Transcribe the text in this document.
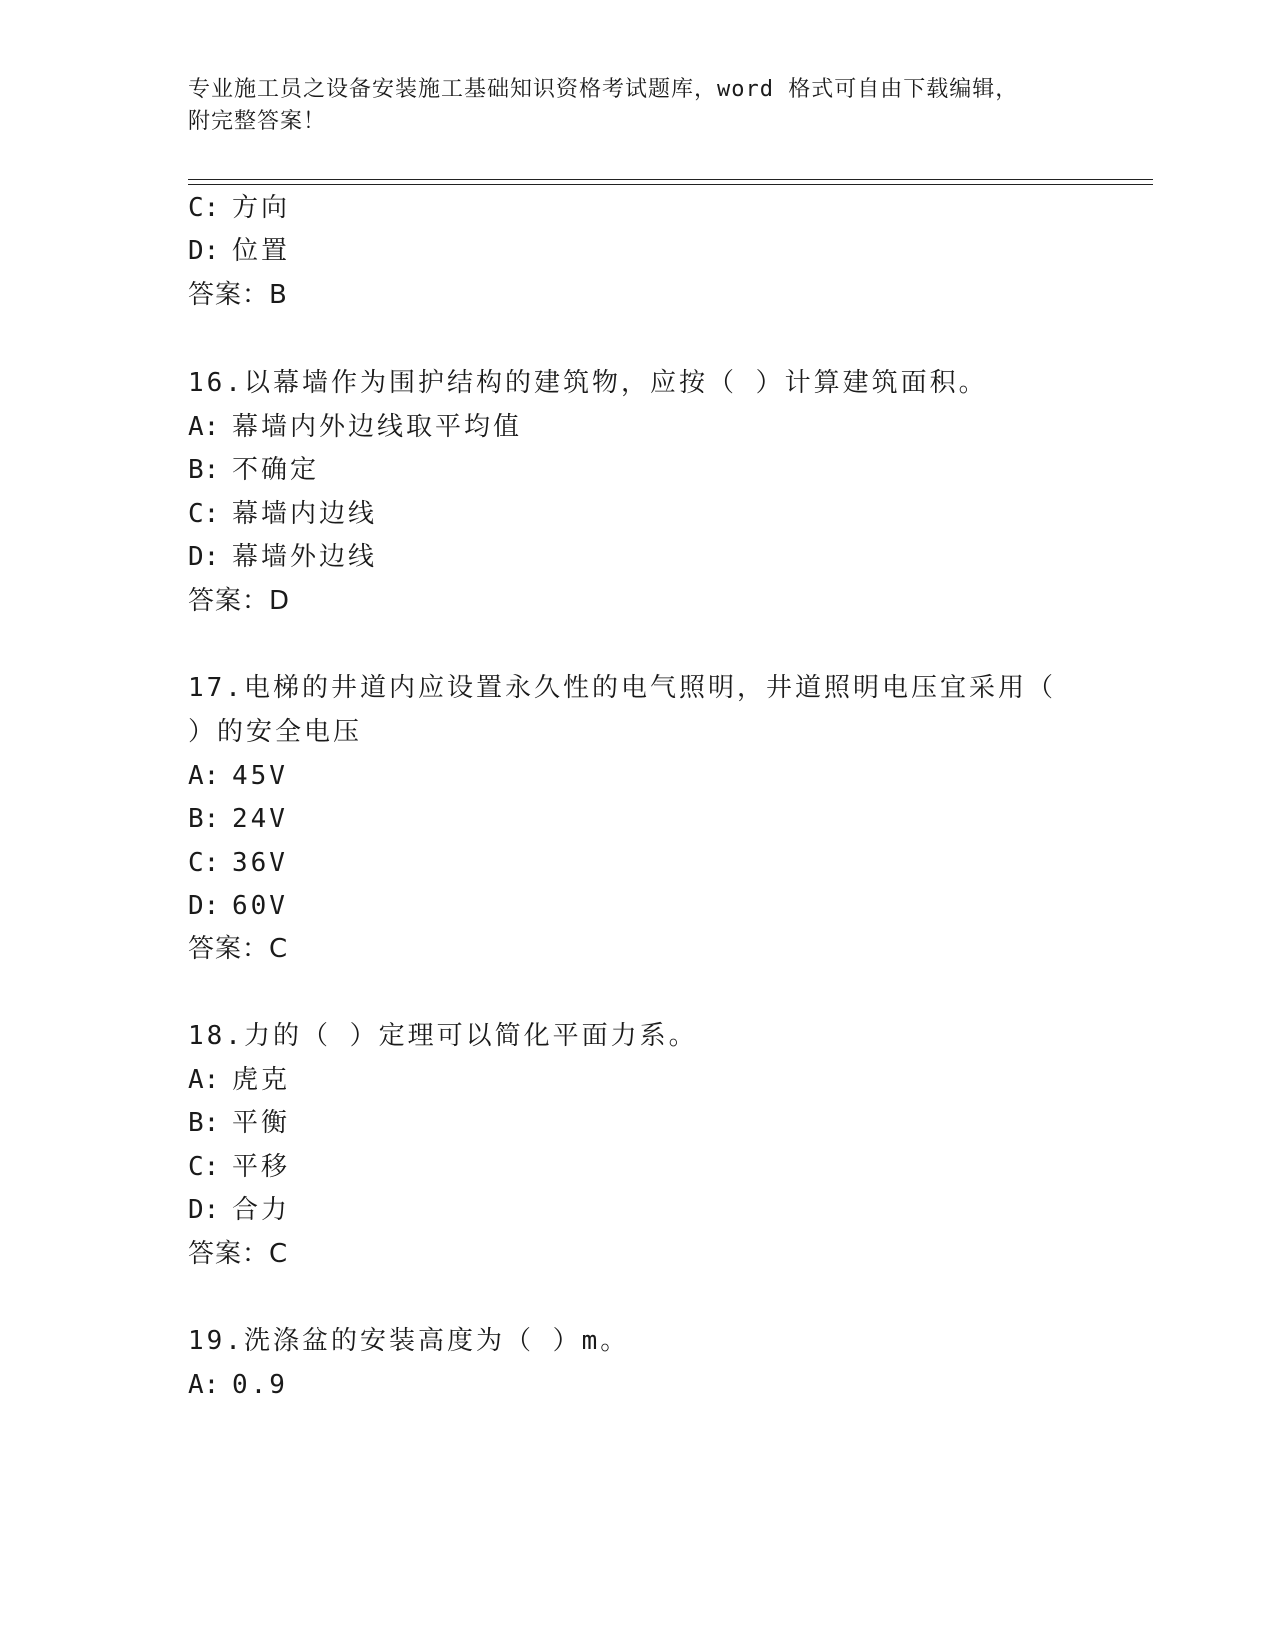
专业施工员之设备安装施工基础知识资格考试题库，word 格式可自由下载编辑，
附完整答案！
C: 方向
D: 位置
答案：B
16.以幕墙作为围护结构的建筑物，应按（ ）计算建筑面积。
A: 幕墙内外边线取平均值
B: 不确定
C: 幕墙内边线
D: 幕墙外边线
答案：D
17.电梯的井道内应设置永久性的电气照明，井道照明电压宜采用（
）的安全电压
A: 45V
B: 24V
C: 36V
D: 60V
答案：C
18.力的（ ）定理可以简化平面力系。
A: 虎克
B: 平衡
C: 平移
D: 合力
答案：C
19.洗涤盆的安装高度为（ ）m。
A: 0.9
